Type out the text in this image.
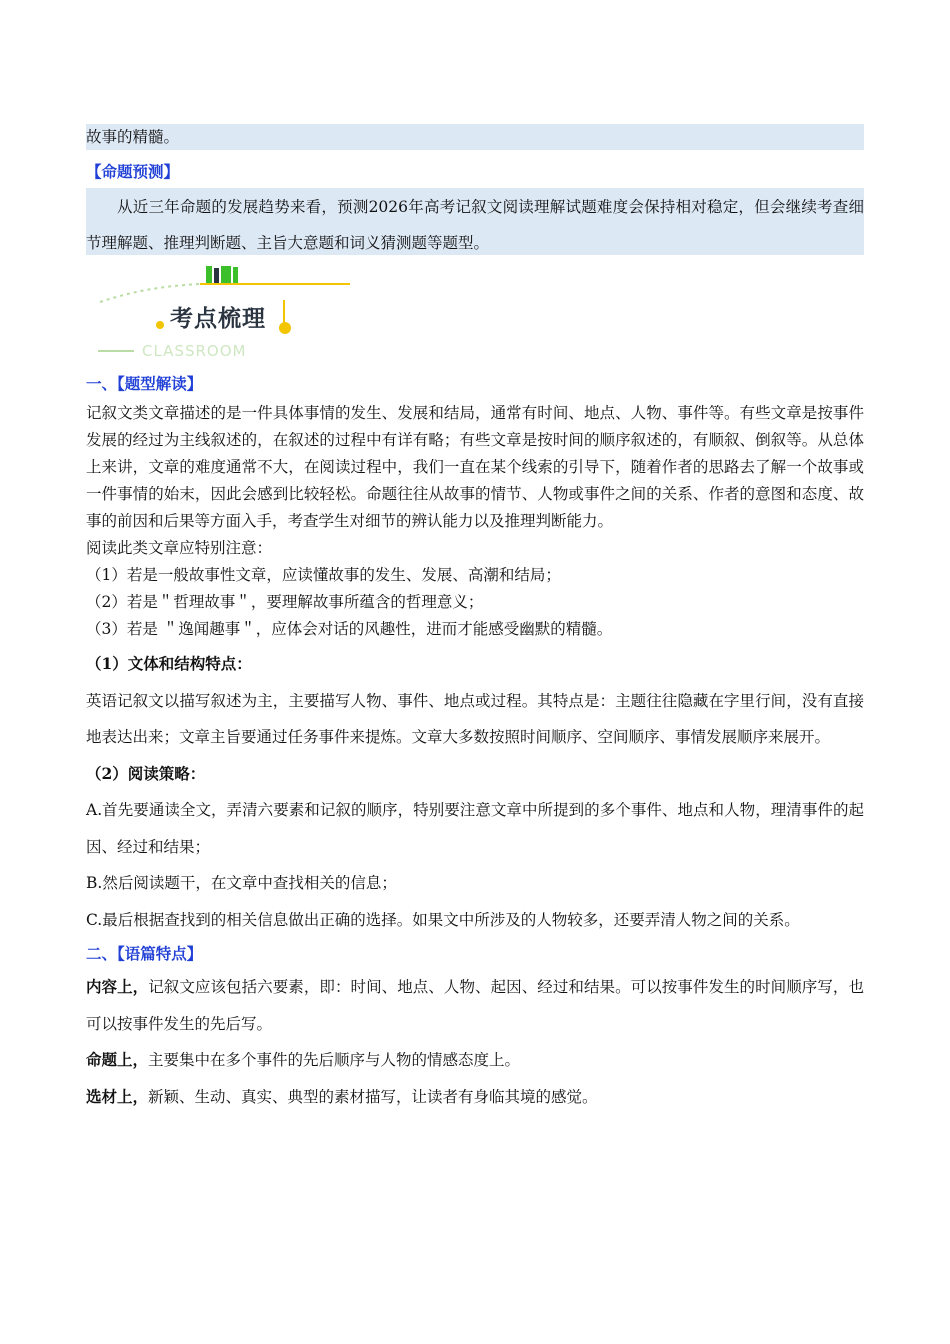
故事的精髓。
【命题预测】
从近三年命题的发展趋势来看，预测2026年高考记叙文阅读理解试题难度会保持相对稳定，但会继续考查细节理解题、推理判断题、主旨大意题和词义猜测题等题型。
考点梳理
CLASSROOM
一、【题型解读】
记叙文类文章描述的是一件具体事情的发生、发展和结局，通常有时间、地点、人物、事件等。有些文章是按事件发展的经过为主线叙述的，在叙述的过程中有详有略；有些文章是按时间的顺序叙述的，有顺叙、倒叙等。从总体上来讲，文章的难度通常不大，在阅读过程中，我们一直在某个线索的引导下，随着作者的思路去了解一个故事或一件事情的始末，因此会感到比较轻松。命题往往从故事的情节、人物或事件之间的关系、作者的意图和态度、故事的前因和后果等方面入手，考查学生对细节的辨认能力以及推理判断能力。
阅读此类文章应特别注意：
（1）若是一般故事性文章，应读懂故事的发生、发展、高潮和结局；
（2）若是＂哲理故事＂，要理解故事所蕴含的哲理意义；
（3）若是 ＂逸闻趣事＂，应体会对话的风趣性，进而才能感受幽默的精髓。
（1）文体和结构特点：
英语记叙文以描写叙述为主，主要描写人物、事件、地点或过程。其特点是：主题往往隐藏在字里行间，没有直接地表达出来；文章主旨要通过任务事件来提炼。文章大多数按照时间顺序、空间顺序、事情发展顺序来展开。
（2）阅读策略：
A.首先要通读全文，弄清六要素和记叙的顺序，特别要注意文章中所提到的多个事件、地点和人物，理清事件的起因、经过和结果；
B.然后阅读题干，在文章中查找相关的信息；
C.最后根据查找到的相关信息做出正确的选择。如果文中所涉及的人物较多，还要弄清人物之间的关系。
二、【语篇特点】
内容上，记叙文应该包括六要素，即：时间、地点、人物、起因、经过和结果。可以按事件发生的时间顺序写，也可以按事件发生的先后写。
命题上，主要集中在多个事件的先后顺序与人物的情感态度上。
选材上，新颖、生动、真实、典型的素材描写，让读者有身临其境的感觉。
